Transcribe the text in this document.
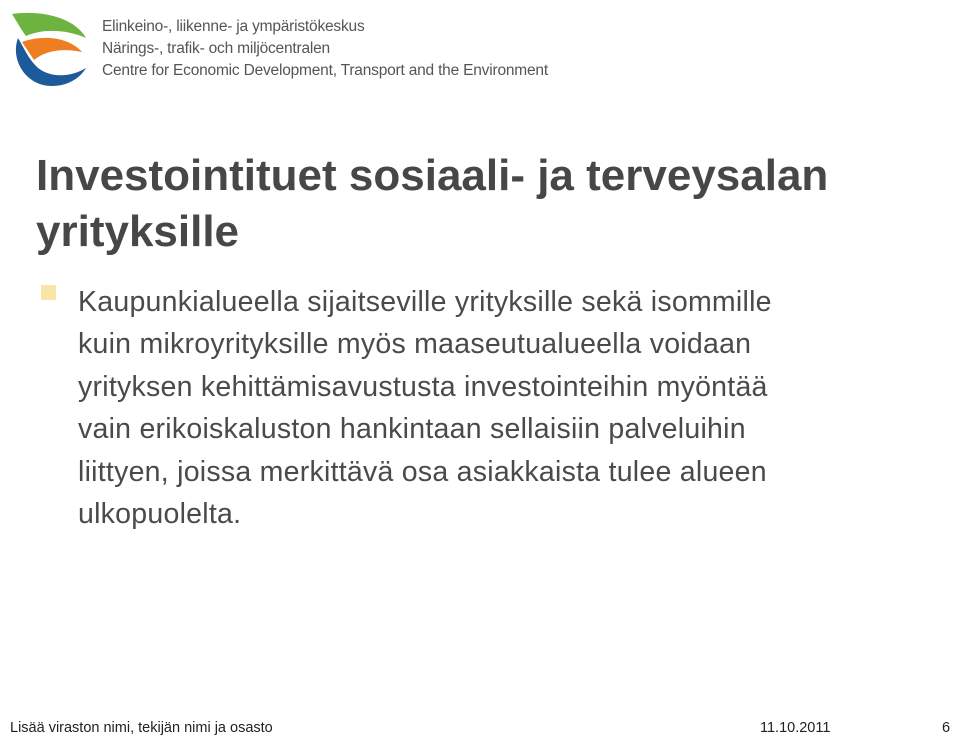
Elinkeino-, liikenne- ja ympäristökeskus
Närings-, trafik- och miljöcentralen
Centre for Economic Development, Transport and the Environment
Investointituet sosiaali- ja terveysalan
yrityksille
Kaupunkialueella sijaitseville yrityksille sekä isommille
kuin mikroyrityksille myös maaseutualueella voidaan
yrityksen kehittämisavustusta investointeihin myöntää
vain erikoiskaluston hankintaan sellaisiin palveluihin
liittyen, joissa merkittävä osa asiakkaista tulee alueen
ulkopuolelta.
Lisää viraston nimi, tekijän nimi ja osasto	11.10.2011	6
